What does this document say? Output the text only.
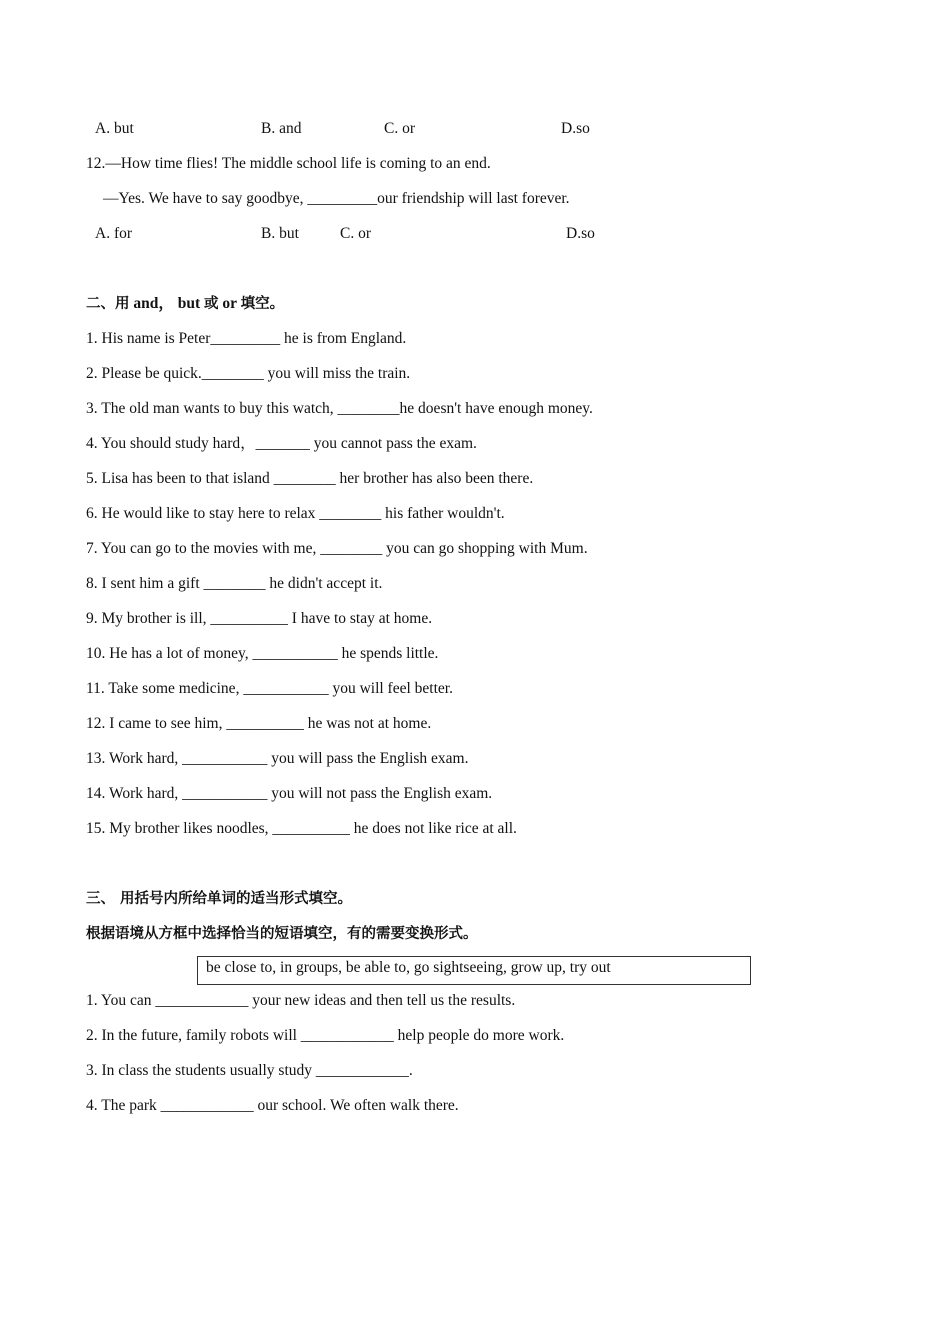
A. but	B. and	C. or	D.so
12.—How time flies! The middle school life is coming to an end.
—Yes. We have to say goodbye, _________our friendship will last forever.
A. for	B. but	C. or	D.so
二、用 and， but 或 or 填空。
1. His name is Peter_________ he is from England.
2. Please be quick.________ you will miss the train.
3. The old man wants to buy this watch, ________he doesn't have enough money.
4. You should study hard，_______ you cannot pass the exam.
5. Lisa has been to that island ________ her brother has also been there.
6. He would like to stay here to relax ________ his father wouldn't.
7. You can go to the movies with me, ________ you can go shopping with Mum.
8. I sent him a gift ________ he didn't accept it.
9. My brother is ill, __________ I have to stay at home.
10. He has a lot of money, ___________ he spends little.
11. Take some medicine, ___________ you will feel better.
12. I came to see him, __________ he was not at home.
13. Work hard, ___________ you will pass the English exam.
14. Work hard, ___________ you will not pass the English exam.
15. My brother likes noodles, __________ he does not like rice at all.
三、 用括号内所给单词的适当形式填空。
根据语境从方框中选择恰当的短语填空，有的需要变换形式。
be close to, in groups, be able to, go sightseeing, grow up, try out
1. You can ____________ your new ideas and then tell us the results.
2. In the future, family robots will ____________ help people do more work.
3. In class the students usually study ____________.
4. The park ____________ our school. We often walk there.
